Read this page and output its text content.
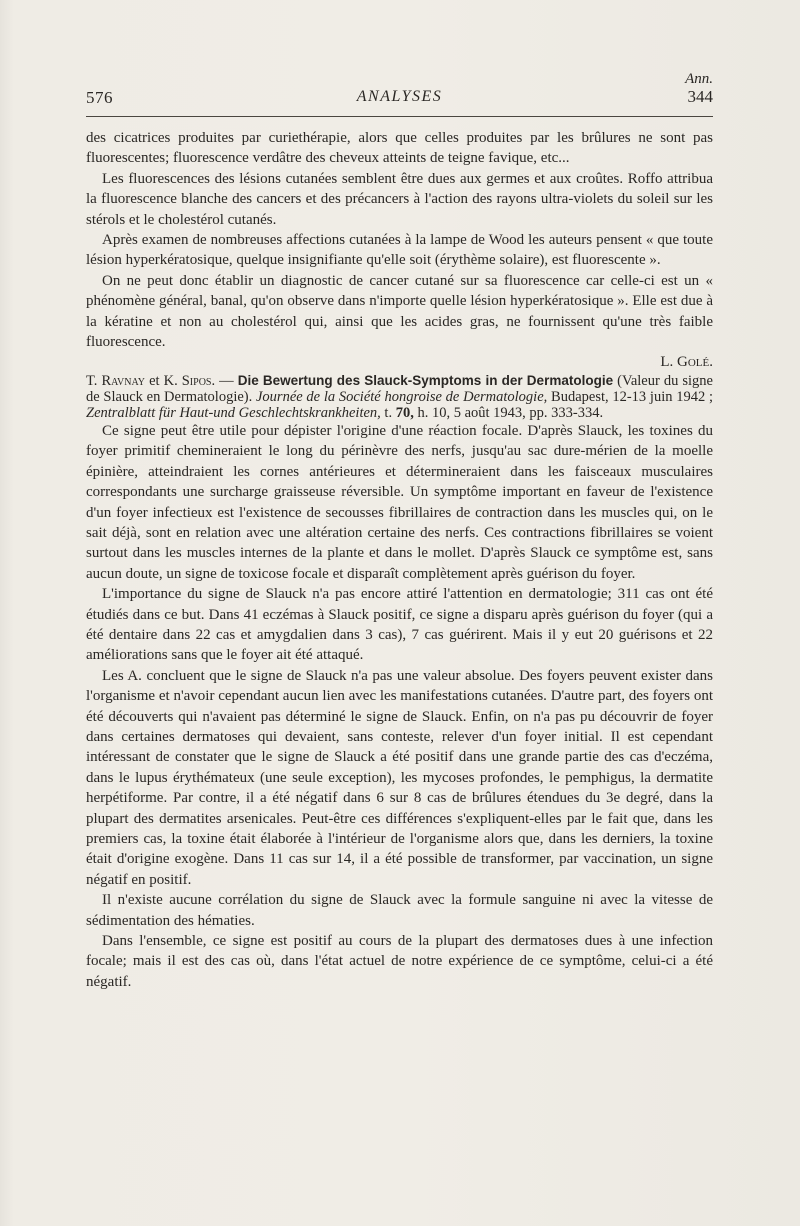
576	ANALYSES
Ann.
344

des cicatrices produites par curiethérapie, alors que celles produites par les brûlures ne sont pas fluorescentes; fluorescence verdâtre des cheveux atteints de teigne favique, etc...

Les fluorescences des lésions cutanées semblent être dues aux germes et aux croûtes. Roffo attribua la fluorescence blanche des cancers et des précancers à l'action des rayons ultra-violets du soleil sur les stérols et le cholestérol cutanés.

Après examen de nombreuses affections cutanées à la lampe de Wood les auteurs pensent « que toute lésion hyperkératosique, quelque insignifiante qu'elle soit (érythème solaire), est fluorescente ».

On ne peut donc établir un diagnostic de cancer cutané sur sa fluorescence car celle-ci est un « phénomène général, banal, qu'on observe dans n'importe quelle lésion hyperkératosique ». Elle est due à la kératine et non au cholestérol qui, ainsi que les acides gras, ne fournissent qu'une très faible fluorescence.

L. Golé.

T. Ravnay et K. Sipos. — Die Bewertung des Slauck-Symptoms in der Dermatologie (Valeur du signe de Slauck en Dermatologie). Journée de la Société hongroise de Dermatologie, Budapest, 12-13 juin 1942 ; Zentralblatt für Haut-und Geschlechtskrankheiten, t. 70, h. 10, 5 août 1943, pp. 333-334.

Ce signe peut être utile pour dépister l'origine d'une réaction focale. D'après Slauck, les toxines du foyer primitif chemineraient le long du périnèvre des nerfs, jusqu'au sac dure-mérien de la moelle épinière, atteindraient les cornes antérieures et détermineraient dans les faisceaux musculaires correspondants une surcharge graisseuse réversible. Un symptôme important en faveur de l'existence d'un foyer infectieux est l'existence de secousses fibrillaires de contraction dans les muscles qui, on le sait déjà, sont en relation avec une altération certaine des nerfs. Ces contractions fibrillaires se voient surtout dans les muscles internes de la plante et dans le mollet. D'après Slauck ce symptôme est, sans aucun doute, un signe de toxicose focale et disparaît complètement après guérison du foyer.

L'importance du signe de Slauck n'a pas encore attiré l'attention en dermatologie; 311 cas ont été étudiés dans ce but. Dans 41 eczémas à Slauck positif, ce signe a disparu après guérison du foyer (qui a été dentaire dans 22 cas et amygdalien dans 3 cas), 7 cas guérirent. Mais il y eut 20 guérisons et 22 améliorations sans que le foyer ait été attaqué.

Les A. concluent que le signe de Slauck n'a pas une valeur absolue. Des foyers peuvent exister dans l'organisme et n'avoir cependant aucun lien avec les manifestations cutanées. D'autre part, des foyers ont été découverts qui n'avaient pas déterminé le signe de Slauck. Enfin, on n'a pas pu découvrir de foyer dans certaines dermatoses qui devaient, sans conteste, relever d'un foyer initial. Il est cependant intéressant de constater que le signe de Slauck a été positif dans une grande partie des cas d'eczéma, dans le lupus érythémateux (une seule exception), les mycoses profondes, le pemphigus, la dermatite herpétiforme. Par contre, il a été négatif dans 6 sur 8 cas de brûlures étendues du 3e degré, dans la plupart des dermatites arsenicales. Peut-être ces différences s'expliquent-elles par le fait que, dans les premiers cas, la toxine était élaborée à l'intérieur de l'organisme alors que, dans les derniers, la toxine était d'origine exogène. Dans 11 cas sur 14, il a été possible de transformer, par vaccination, un signe négatif en positif.

Il n'existe aucune corrélation du signe de Slauck avec la formule sanguine ni avec la vitesse de sédimentation des hématies.

Dans l'ensemble, ce signe est positif au cours de la plupart des dermatoses dues à une infection focale; mais il est des cas où, dans l'état actuel de notre expérience de ce symptôme, celui-ci a été négatif.
